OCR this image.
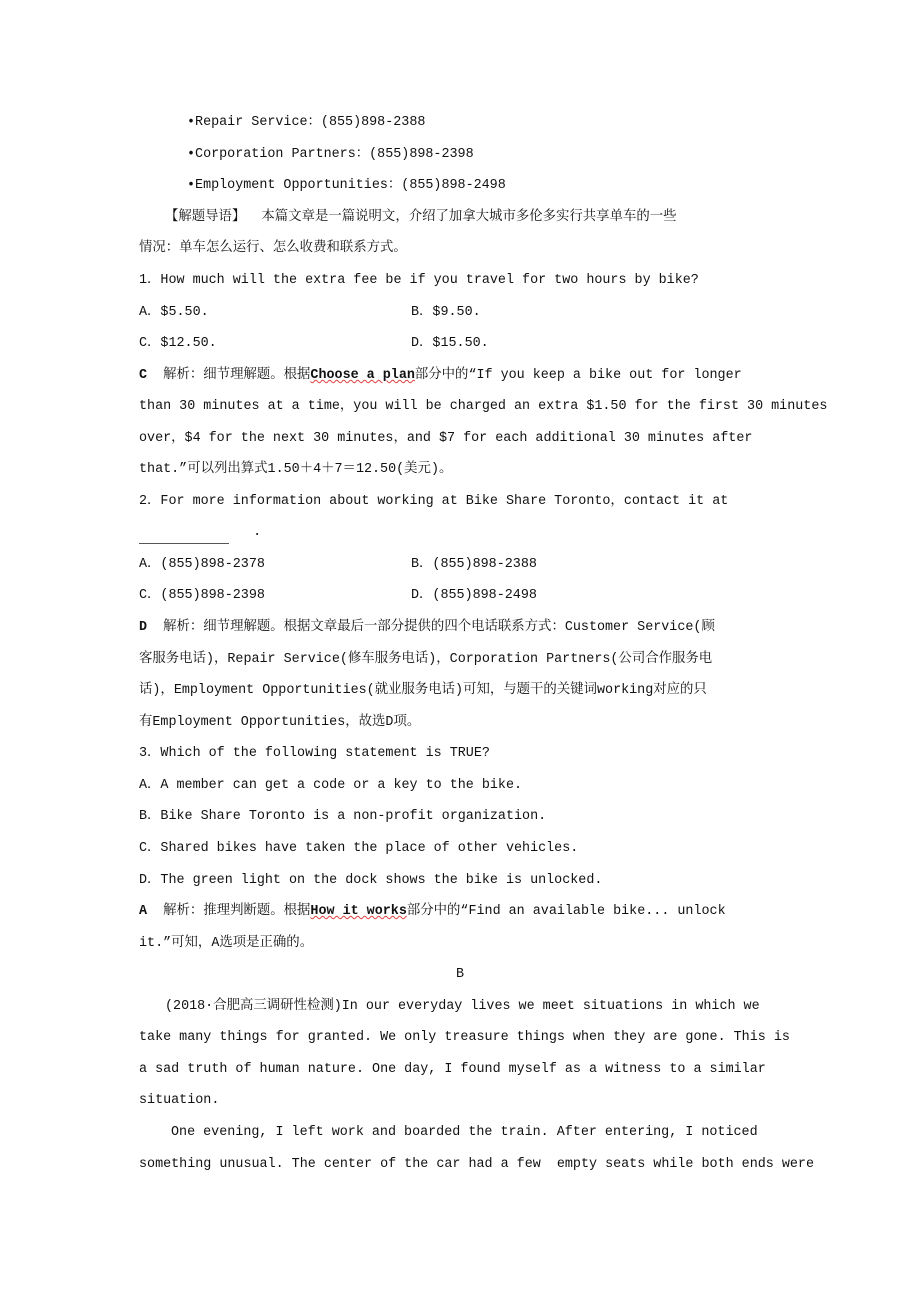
•Repair Service：(855)898-2388
•Corporation Partners：(855)898-2398
•Employment Opportunities：(855)898-2498
【解题导语】  本篇文章是一篇说明文，介绍了加拿大城市多伦多实行共享单车的一些
情况：单车怎么运行、怎么收费和联系方式。
1．How much will the extra fee be if you travel for two hours by bike?
A．$5.50.	B．$9.50.
C．$12.50.	D．$15.50.
C  解析：细节理解题。根据Choose a plan部分中的“If you keep a bike out for longer
than 30 minutes at a time，you will be charged an extra $1.50 for the first 30 minutes
over，$4 for the next 30 minutes，and $7 for each additional 30 minutes after
that.”可以列出算式1.50＋4＋7＝12.50(美元)。
2．For more information about working at Bike Share Toronto，contact it at
.
A．(855)898-2378	B．(855)898-2388
C．(855)898-2398	D．(855)898-2498
D  解析：细节理解题。根据文章最后一部分提供的四个电话联系方式：Customer Service(顾
客服务电话)，Repair Service(修车服务电话)，Corporation Partners(公司合作服务电
话)，Employment Opportunities(就业服务电话)可知，与题干的关键词working对应的只
有Employment Opportunities，故选D项。
3．Which of the following statement is TRUE?
A．A member can get a code or a key to the bike.
B．Bike Share Toronto is a non-profit organization.
C．Shared bikes have taken the place of other vehicles.
D．The green light on the dock shows the bike is unlocked.
A  解析：推理判断题。根据How it works部分中的“Find an available bike... unlock
it.”可知，A选项是正确的。
B
(2018·合肥高三调研性检测)In our everyday lives we meet situations in which we
take many things for granted. We only treasure things when they are gone. This is
a sad truth of human nature. One day, I found myself as a witness to a similar
situation.
One evening, I left work and boarded the train. After entering, I noticed
something unusual. The center of the car had a few  empty seats while both ends were
